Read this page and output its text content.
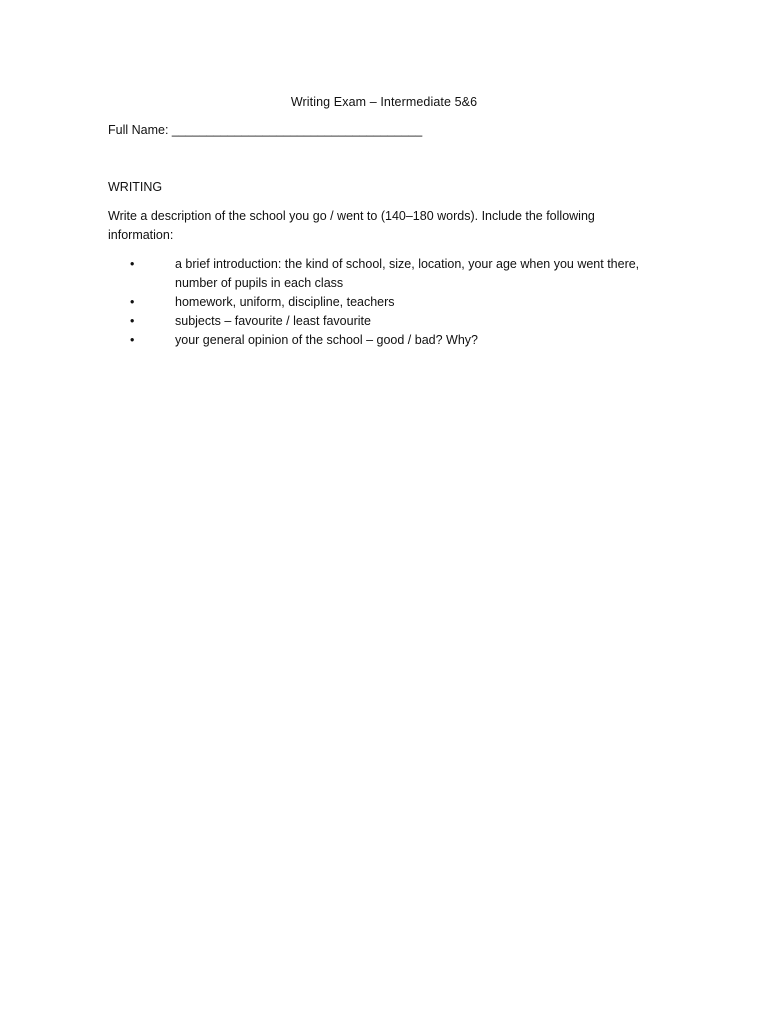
Writing Exam – Intermediate 5&6
Full Name: ____________________________________
WRITING
Write a description of the school you go / went to (140–180 words). Include the following information:
•	a brief introduction: the kind of school, size, location, your age when you went there, number of pupils in each class
•	homework, uniform, discipline, teachers
•	subjects – favourite / least favourite
•	your general opinion of the school – good / bad? Why?
